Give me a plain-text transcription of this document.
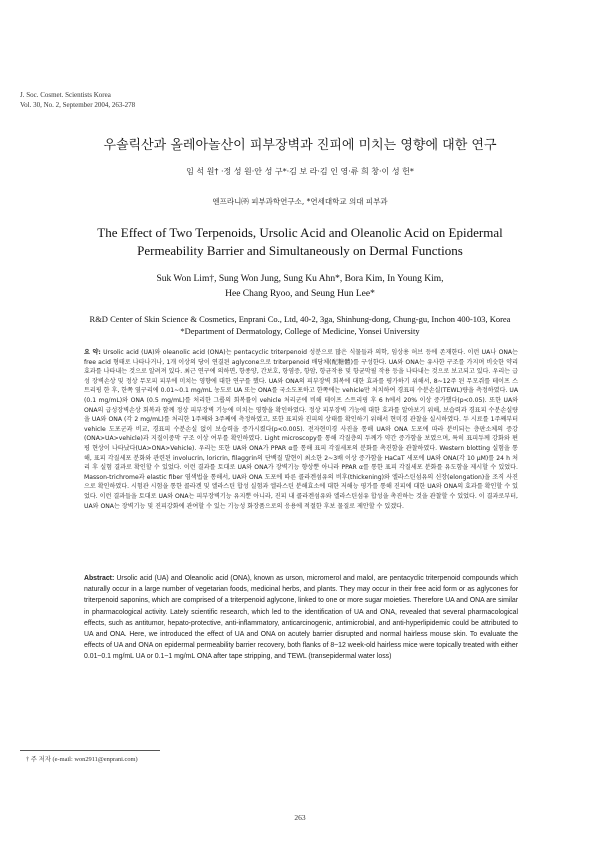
J. Soc. Cosmet. Scientists Korea
Vol. 30, No. 2, September 2004, 263-278
우솔릭산과 올레아놀산이 피부장벽과 진피에 미치는 영향에 대한 연구
임 석 원† ·정 성 원·안 성 구*·김 보 라·김 인 영·류 희 창·이 성 헌*
엔프라니㈜ 피부과학연구소, *연세대학교 의대 피부과
The Effect of Two Terpenoids, Ursolic Acid and Oleanolic Acid on Epidermal
Permeability Barrier and Simultaneously on Dermal Functions
Suk Won Lim†, Sung Won Jung, Sung Ku Ahn*, Bora Kim, In Young Kim,
Hee Chang Ryoo, and Seung Hun Lee*
R&D Center of Skin Science & Cosmetics, Enprani Co., Ltd, 40-2, 3ga, Shinhung-dong, Chung-gu, Inchon 400-103, Korea
*Department of Dermatology, College of Medicine, Yonsei University
요 약: Ursolic acid (UA)와 oleanolic acid (ONA)는 pentacyclic triterpenoid 성분으로 많은 식물들과 의학, 임상용 허브 등에 존재한다. 이런 UA나 ONA는 free acid 형태로 나타나거나, 1개 이상의 당이 연결된 aglycone으로 triterpenoid 배당체(配糖體)를 구성한다. UA와 ONA는 유사한 구조를 가지며 비슷한 약리효과를 나타내는 것으로 알려져 있다. 최근 연구에 의하면, 항종양, 간보호, 항염증, 항암, 항균작용 및 항균막필 작용 등을 나타내는 것으로 보고되고 있다. 우리는 급성 장벽손상 및 정상 무모피 피부에 미치는 영향에 대한 연구를 했다. UA와 ONA의 피부장벽 회복에 대한 효과를 평가하기 위해서, 8~12주 된 무모쥐를 테이프 스트리핑 한 후, 한쪽 옆구리에 0.01~0.1 mg/mL 농도로 UA 또는 ONA를 국소도포하고 한쪽에는 vehicle만 처치하여 경표피 수분손실(TEWL)량을 측정하였다. UA (0.1 mg/mL)와 ONA (0.5 mg/mL)를 처리한 그룹의 회복률이 vehicle 처리군에 비해 테이프 스트리핑 후 6 h에서 20% 이상 증가했다(p<0.05). 또한 UA와 ONA의 급성장벽손상 회복과 함께 정상 피부장벽 기능에 미치는 영향을 확인하였다. 정상 피부장벽 기능에 대한 효과를 알아보기 위해, 보습력과 경표피 수분손실량을 UA와 ONA (각 2 mg/mL)를 처리한 1주째와 3주째에 측정하였고, 또한 표피와 진피의 상태를 확인하기 위해서 현미경 관찰을 실시하였다. 두 시료를 1주째부터 vehicle 도포군과 비교, 경표피 수분손실 없이 보습력을 증가시켰다(p<0.005). 전자현미경 사진을 통해 UA와 ONA 도포에 따라 분비되는 층판소체의 증강(ONA>UA>vehicle)과 지질이중막 구조 이상 여부를 확인하였다. Light microscopy를 통해 각질층의 두께가 약간 증가함을 보였으며, 특히 표피두께 강화와 편평 현상이 나타났다(UA>ONA>Vehicle). 우리는 또한 UA와 ONA가 PPAR α를 통해 표피 각질세포의 분화를 촉진함을 관찰하였다. Western blotting 실험을 통해, 표피 각질세포 분화와 관련된 involucrin, loricrin, filaggrin의 단백질 발현이 최소한 2~3배 이상 증가함을 HaCaT 세포에 UA와 ONA(각 10 μM)를 24 h 처리 후 실험 결과로 확인할 수 있었다. 이런 결과를 토대로 UA와 ONA가 장벽기능 향상뿐 아니라 PPAR α를 통한 표피 각질세포 분화를 유도함을 제시할 수 있었다. Masson-trichrome과 elastic fiber 염색법을 통해서, UA와 ONA 도포에 따른 콜라겐섬유의 비후(thickening)와 엘라스틴섬유의 신장(elongation)을 조직 사진으로 확인하였다. 시험관 시험을 통한 콜라겐 및 엘라스틴 합성 실험과 엘라스틴 분해효소에 대한 저해능 평가를 통해 진피에 대한 UA와 ONA의 효과를 확인할 수 있었다. 이런 결과들을 토대로 UA와 ONA는 피부장벽기능 유지뿐 아니라, 진피 내 콜라겐섬유와 엘라스틴섬유 합성을 촉진하는 것을 관찰할 수 있었다. 이 결과로부터, UA와 ONA는 장벽기능 및 진피강화에 관여할 수 있는 기능성 화장품으로의 응용에 적절한 후보 물질로 제안할 수 있겠다.
Abstract: Ursolic acid (UA) and Oleanolic acid (ONA), known as urson, micromerol and malol, are pentacyclic triterpenoid compounds which naturally occur in a large number of vegetarian foods, medicinal herbs, and plants. They may occur in their free acid form or as aglycones for triterpenoid saponins, which are comprised of a triterpenoid aglycone, linked to one or more sugar moieties. Therefore UA and ONA are similar in pharmacological activity. Lately scientific research, which led to the identification of UA and ONA, revealed that several pharmacological effects, such as antitumor, hepato-protective, anti-inflammatory, anticarcinogenic, antimicrobial, and anti-hyperlipidemic could be attributed to UA and ONA. Here, we introduced the effect of UA and ONA on acutely barrier disrupted and normal hairless mouse skin. To evaluate the effects of UA and ONA on epidermal permeability barrier recovery, both flanks of 8~12 week-old hairless mice were topically treated with either 0.01~0.1 mg/mL UA or 0.1~1 mg/mL ONA after tape stripping, and TEWL (transepidermal water loss)
† 주 저자 (e-mail: won2911@enprani.com)
263
